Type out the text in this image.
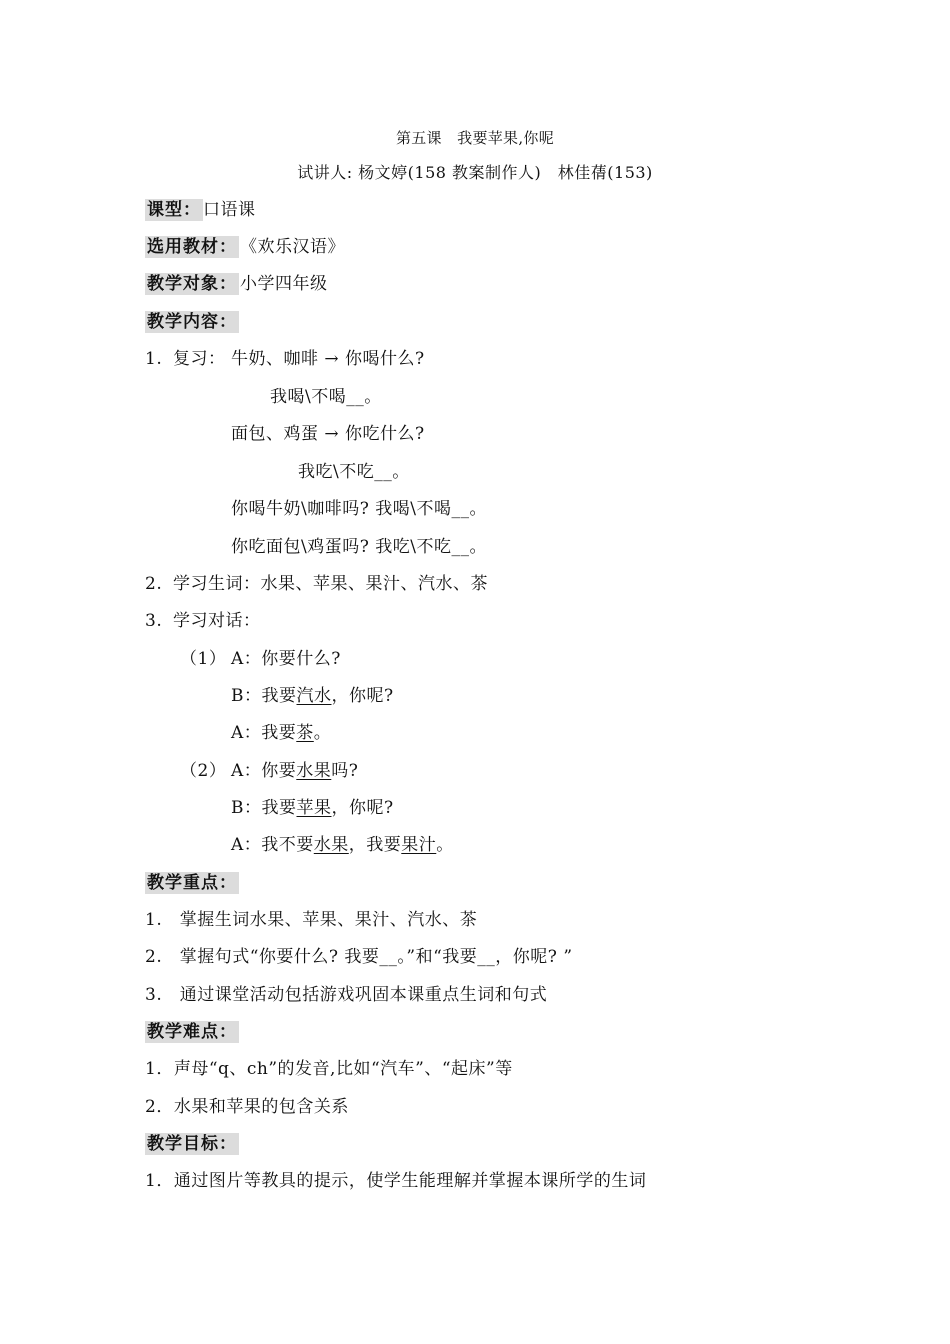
第五课　我要苹果,你呢
试讲人: 杨文婷(158 教案制作人)　林佳蒨(153)
课型： 口语课
选用教材： 《欢乐汉语》
教学对象： 小学四年级
教学内容：
1. 复习： 牛奶、咖啡 → 你喝什么?
我喝\不喝__。
面包、鸡蛋 → 你吃什么?
我吃\不吃__。
你喝牛奶\咖啡吗? 我喝\不喝__。
你吃面包\鸡蛋吗? 我吃\不吃__。
2. 学习生词：水果、苹果、果汁、汽水、茶
3. 学习对话：
（1） A：你要什么?
B：我要汽水，你呢?
A：我要茶。
（2） A：你要水果吗?
B：我要苹果，你呢?
A：我不要水果，我要果汁。
教学重点：
1.　掌握生词水果、苹果、果汁、汽水、茶
2.　掌握句式“你要什么? 我要__。”和“我要__，你呢? ”
3.　通过课堂活动包括游戏巩固本课重点生词和句式
教学难点：
1．声母“q、ch”的发音,比如“汽车”、“起床”等
2．水果和苹果的包含关系
教学目标：
1．通过图片等教具的提示，使学生能理解并掌握本课所学的生词
